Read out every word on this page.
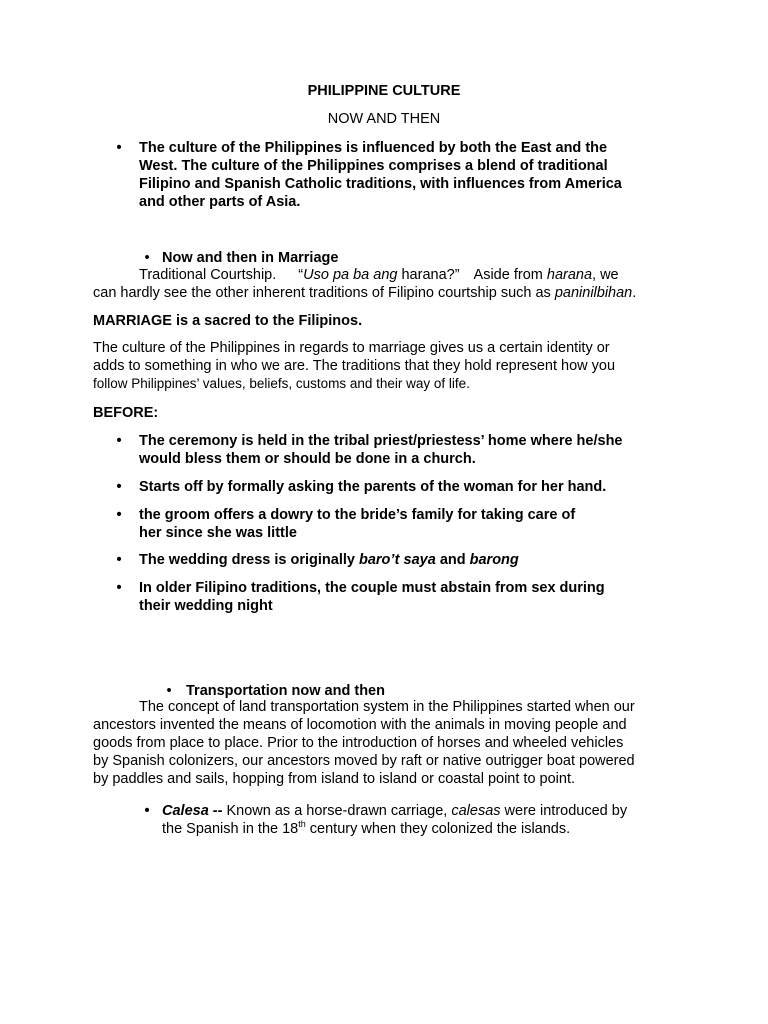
PHILIPPINE CULTURE
NOW AND THEN
•	The culture of the Philippines is influenced by both the East and the
West. The culture of the Philippines comprises a blend of traditional
Filipino and Spanish Catholic traditions, with influences from America
and other parts of Asia.
• Now and then in Marriage
Traditional Courtship. “Uso pa ba ang harana?” Aside from harana, we
can hardly see the other inherent traditions of Filipino courtship such as paninilbihan.
MARRIAGE is a sacred to the Filipinos.
The culture of the Philippines in regards to marriage gives us a certain identity or
adds to something in who we are. The traditions that they hold represent how you
follow Philippines’ values, beliefs, customs and their way of life.
BEFORE:
•	The ceremony is held in the tribal priest/priestess’ home where he/she
would bless them or should be done in a church.
•	Starts off by formally asking the parents of the woman for her hand.
•	the groom offers a dowry to the bride’s family for taking care of
her since she was little
•	The wedding dress is originally baro’t saya and barong
•	In older Filipino traditions, the couple must abstain from sex during
their wedding night
• Transportation now and then
The concept of land transportation system in the Philippines started when our
ancestors invented the means of locomotion with the animals in moving people and
goods from place to place. Prior to the introduction of horses and wheeled vehicles
by Spanish colonizers, our ancestors moved by raft or native outrigger boat powered
by paddles and sails, hopping from island to island or coastal point to point.
• Calesa -- Known as a horse-drawn carriage, calesas were introduced by
the Spanish in the 18th century when they colonized the islands.
